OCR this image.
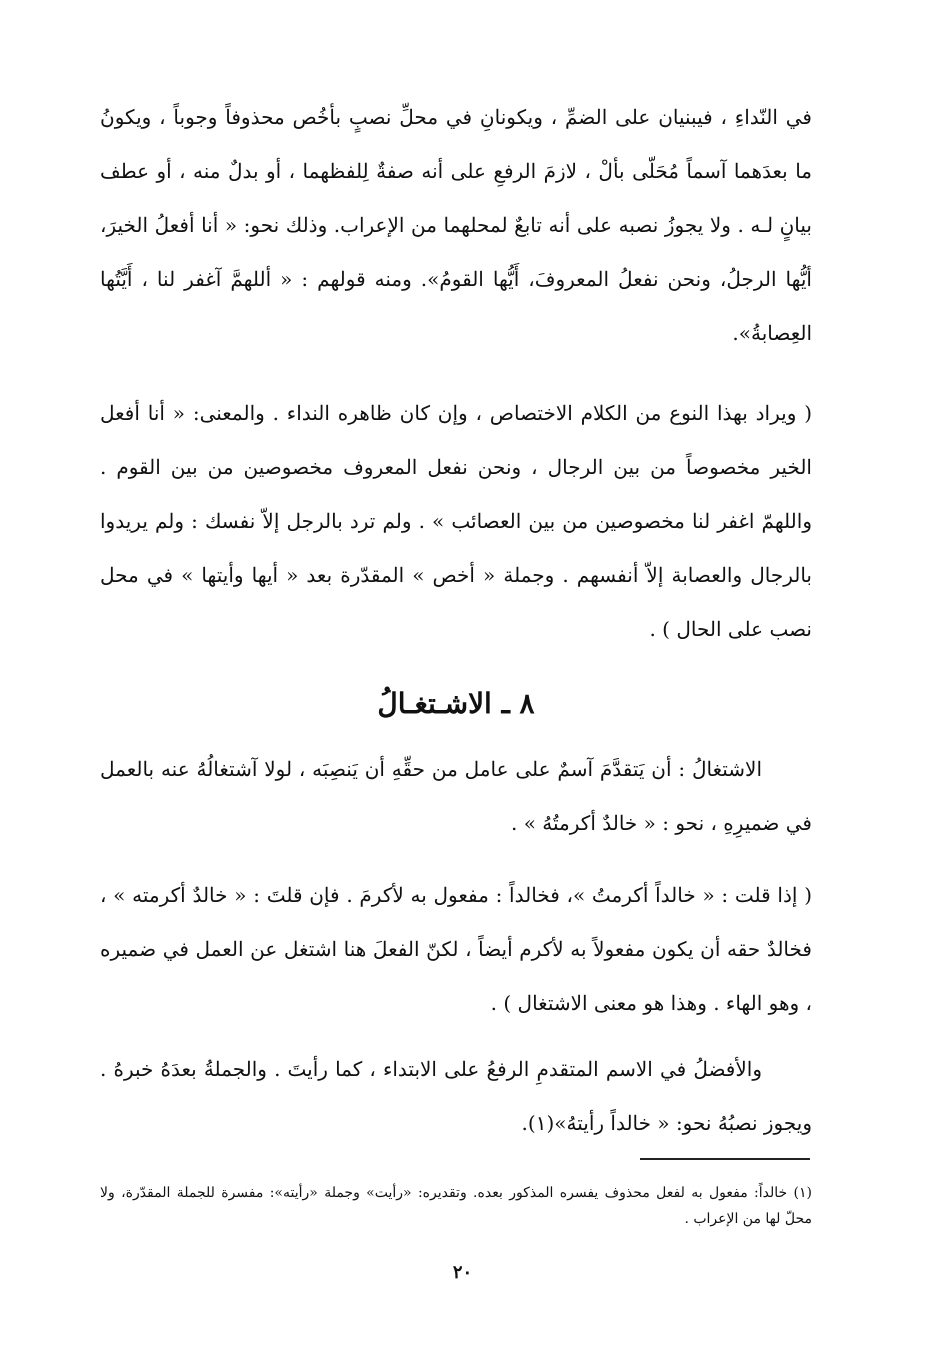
في النّداءِ ، فيبنيان على الضمِّ ، ويكونانِ في محلِّ نصبٍ بأخُص محذوفاً وجوباً ، ويكونُ ما بعدَهما آسماً مُحَلّى بألْ ، لازمَ الرفعِ على أنه صفةٌ لِلفظهما ، أو بدلٌ منه ، أو عطف بيانٍ لـه . ولا يجوزُ نصبه على أنه تابعٌ لمحلهما من الإعراب. وذلك نحو: « أنا أفعلُ الخيرَ، أيُّها الرجلُ، ونحن نفعلُ المعروفَ، أَيُّها القومُ». ومنه قولهم : « أللهمَّ آغفر لنا ، أَيَّتُها العِصابةُ».

( ويراد بهذا النوع من الكلام الاختصاص ، وإن كان ظاهره النداء . والمعنى: « أنا أفعل الخير مخصوصاً من بين الرجال ، ونحن نفعل المعروف مخصوصين من بين القوم . واللهمّ اغفر لنا مخصوصين من بين العصائب » . ولم ترد بالرجل إلاّ نفسك : ولم يريدوا بالرجال والعصابة إلاّ أنفسهم . وجملة « أخص » المقدّرة بعد « أيها وأيتها » في محل نصب على الحال ) .

٨ ـ الاشـتغـالُ

الاشتغالُ : أن يَتقدَّمَ آسمٌ على عامل من حقِّهِ أن يَنصِبَه ، لولا آشتغالُهُ عنه بالعمل في ضميرِهِ ، نحو : « خالدٌ أكرمتُهُ » .

( إذا قلت : « خالداً أكرمتُ »، فخالداً : مفعول به لأكرمَ . فإن قلتَ : « خالدٌ أكرمته » ، فخالدٌ حقه أن يكون مفعولاً به لأكرم أيضاً ، لكنّ الفعلَ هنا اشتغل عن العمل في ضميره ، وهو الهاء . وهذا هو معنى الاشتغال ) .

والأفضلُ في الاسم المتقدمِ الرفعُ على الابتداء ، كما رأيتَ . والجملةُ بعدَهُ خبرهُ . ويجوز نصبُهُ نحو: « خالداً رأيتهُ»(١).

(١) خالداً: مفعول به لفعل محذوف يفسره المذكور بعده. وتقديره: «رأيت» وجملة «رأيته»: مفسرة للجملة المقدّرة، ولا محلّ لها من الإعراب .
٢٠
